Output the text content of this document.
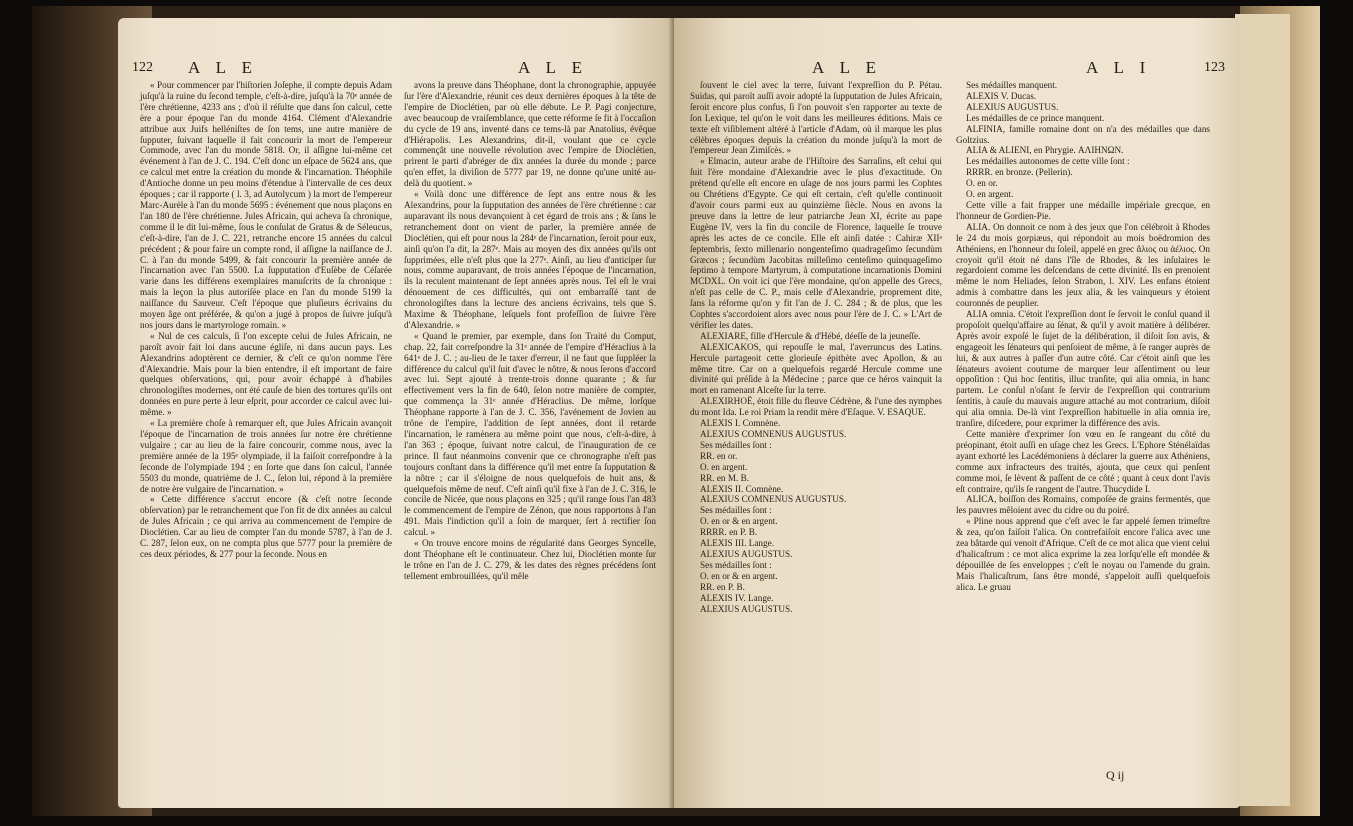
122 A L E	A L E

« Pour commencer par l'hiſtorien Joſephe, il compte depuis Adam juſqu'à la ruine du ſecond temple, c'eſt-à-dire, juſqu'à la 70ᵉ année de l'ère chrétienne, 4233 ans ; d'où il réſulte que dans ſon calcul, cette ère a pour époque l'an du monde 4164. Clément d'Alexandrie attribue aux Juifs helléniſtes de ſon tems, une autre manière de ſupputer, ſuivant laquelle il fait concourir la mort de l'empereur Commode, avec l'an du monde 5818. Or, il aſſigne lui-même cet événement à l'an de J. C. 194. C'eſt donc un eſpace de 5624 ans, que ce calcul met entre la création du monde & l'incarnation. Théophile d'Antioche donne un peu moins d'étendue à l'intervalle de ces deux époques ; car il rapporte ( l. 3, ad Autolycum ) la mort de l'empereur Marc-Aurèle à l'an du monde 5695 : événement que nous plaçons en l'an 180 de l'ère chrétienne. Jules Africain, qui acheva ſa chronique, comme il le dit lui-même, ſous le conſulat de Gratus & de Séleucus, c'eſt-à-dire, l'an de J. C. 221, retranche encore 15 années du calcul précédent ; & pour faire un compte rond, il aſſigne la naiſſance de J. C. à l'an du monde 5499, & fait concourir la première année de l'incarnation avec l'an 5500. La ſupputation d'Euſèbe de Céſarée varie dans les différens exemplaires manuſcrits de ſa chronique : mais la leçon la plus autoriſée place en l'an du monde 5199 la naiſſance du Sauveur. C'eſt l'époque que pluſieurs écrivains du moyen âge ont préférée, & qu'on a jugé à propos de ſuivre juſqu'à nos jours dans le martyrologe romain. »

« Nul de ces calculs, ſi l'on excepte celui de Jules Africain, ne paroît avoir fait loi dans aucune égliſe, ni dans aucun pays. Les Alexandrins adoptèrent ce dernier, & c'eſt ce qu'on nomme l'ère d'Alexandrie. Mais pour la bien entendre, il eſt important de faire quelques obſervations, qui, pour avoir échappé à d'habiles chronologiſtes modernes, ont été cauſe de bien des tortures qu'ils ont données en pure perte à leur eſprit, pour accorder ce calcul avec lui-même. »

« La première choſe à remarquer eſt, que Jules Africain avançoit l'époque de l'incarnation de trois années ſur notre ère chrétienne vulgaire ; car au lieu de la faire concourir, comme nous, avec la première année de la 195ᵉ olympiade, il la faiſoit correſpondre à la ſeconde de l'olympiade 194 ; en ſorte que dans ſon calcul, l'année 5503 du monde, quatrième de J. C., ſelon lui, répond à la première de notre ère vulgaire de l'incarnation. »

« Cette différence s'accrut encore (& c'eſt notre ſeconde obſervation) par le retranchement que l'on fit de dix années au calcul de Jules Africain ; ce qui arriva au commencement de l'empire de Dioclétien. Car au lieu de compter l'an du monde 5787, à l'an de J. C. 287, ſelon eux, on ne compta plus que 5777 pour la première de ces deux périodes, & 277 pour la ſeconde. Nous en

avons la preuve dans Théophane, dont la chronographie, appuyée ſur l'ère d'Alexandrie, réunit ces deux dernières époques à la tête de l'empire de Dioclétien, par où elle débute. Le P. Pagi conjecture, avec beaucoup de vraiſemblance, que cette réforme ſe fit à l'occaſion du cycle de 19 ans, inventé dans ce tems-là par Anatolius, évêque d'Hiérapolis. Les Alexandrins, dit-il, voulant que ce cycle commençât une nouvelle révolution avec l'empire de Dioclétien, prirent le parti d'abréger de dix années la durée du monde ; parce qu'en effet, la diviſion de 5777 par 19, ne donne qu'une unité au-delà du quotient. »

« Voilà donc une différence de ſept ans entre nous & les Alexandrins, pour la ſupputation des années de l'ère chrétienne : car auparavant ils nous devançoient à cet égard de trois ans ; & ſans le retranchement dont on vient de parler, la première année de Dioclétien, qui eſt pour nous la 284ᵉ de l'incarnation, ſeroit pour eux, ainſi qu'on l'a dit, la 287ᵉ. Mais au moyen des dix années qu'ils ont ſupprimées, elle n'eſt plus que la 277ᵉ. Ainſi, au lieu d'anticiper ſur nous, comme auparavant, de trois années l'époque de l'incarnation, ils la reculent maintenant de ſept années après nous. Tel eſt le vrai dénouement de ces difficultés, qui ont embarraſſé tant de chronologiſtes dans la lecture des anciens écrivains, tels que S. Maxime & Théophane, leſquels font profeſſion de ſuivre l'ère d'Alexandrie. »

« Quand le premier, par exemple, dans ſon Traité du Comput, chap. 22, fait correſpondre la 31ᵉ année de l'empire d'Héraclius à la 641ᵉ de J. C. ; au-lieu de le taxer d'erreur, il ne faut que ſuppléer la différence du calcul qu'il ſuit d'avec le nôtre, & nous ſerons d'accord avec lui. Sept ajouté à trente-trois donne quarante ; & ſur effectivement vers la fin de 640, ſelon notre manière de compter, que commença la 31ᵉ année d'Héraclius. De même, lorſque Théophane rapporte à l'an de J. C. 356, l'avénement de Jovien au trône de l'empire, l'addition de ſept années, dont il retarde l'incarnation, le ramènera au même point que nous, c'eſt-à-dire, à l'an 363 ; époque, ſuivant notre calcul, de l'inauguration de ce prince. Il faut néanmoins convenir que ce chronographe n'eſt pas toujours conſtant dans la différence qu'il met entre ſa ſupputation & la nôtre ; car il s'éloigne de nous quelquefois de huit ans, & quelquefois même de neuf. C'eſt ainſi qu'il fixe à l'an de J. C. 316, le concile de Nicée, que nous plaçons en 325 ; qu'il range ſous l'an 483 le commencement de l'empire de Zénon, que nous rapportons à l'an 491. Mais l'indiction qu'il a ſoin de marquer, ſert à rectifier ſon calcul. »

« On trouve encore moins de régularité dans Georges Syncelle, dont Théophane eſt le continuateur. Chez lui, Dioclétien monte ſur le trône en l'an de J. C. 279, & les dates des règnes précédens ſont tellement embrouillées, qu'il mêle

A L E	A L I	123

ſouvent le ciel avec la terre, ſuivant l'expreſſion du P. Pétau. Suidas, qui paroît auſſi avoir adopté la ſupputation de Jules Africain, ſeroit encore plus confus, ſi l'on pouvoit s'en rapporter au texte de ſon Lexique, tel qu'on le voit dans les meilleures éditions. Mais ce texte eſt viſiblement altéré à l'article d'Adam, où il marque les plus célèbres époques depuis la création du monde juſqu'à la mort de l'empereur Jean Zimiſcès. »

« Elmacin, auteur arabe de l'Hiſtoire des Sarraſins, eſt celui qui ſuit l'ère mondaine d'Alexandrie avec le plus d'exactitude. On prétend qu'elle eſt encore en uſage de nos jours parmi les Cophtes ou Chrétiens d'Egypte. Ce qui eſt certain, c'eſt qu'elle continuoit d'avoir cours parmi eux au quinzième ſiècle. Nous en avons la preuve dans la lettre de leur patriarche Jean XI, écrite au pape Eugène IV, vers la fin du concile de Florence, laquelle ſe trouve après les actes de ce concile. Elle eſt ainſi datée : Cahiræ XIIᵃ ſeptembris, ſexto millenario nongenteſimo quadrageſimo ſecundùm Græcos ; ſecundùm Jacobitas milleſimo centeſimo quinquageſimo ſeptimo à tempore Martyrum, à computatione incarnationis Domini MCDXL. On voit ici que l'ère mondaine, qu'on appelle des Grecs, n'eſt pas celle de C. P., mais celle d'Alexandrie, proprement dite, ſans la réforme qu'on y fit l'an de J. C. 284 ; & de plus, que les Cophtes s'accordoient alors avec nous pour l'ère de J. C. » L'Art de vérifier les dates.

ALEXIARE, fille d'Hercule & d'Hébé, déeſſe de la jeuneſſe.

ALEXICAKOS, qui repouſſe le mal, l'averruncus des Latins. Hercule partageoit cette glorieuſe épithète avec Apollon, & au même titre. Car on a quelquefois regardé Hercule comme une divinité qui préſide à la Médecine ; parce que ce héros vainquit la mort en ramenant Alceſte ſur la terre.

ALEXIRHOË, étoit fille du fleuve Cédrène, & l'une des nymphes du mont Ida. Le roi Priam la rendit mère d'Eſaque. V. ESAQUE.

ALEXIS I. Comnène.

ALEXIUS COMNENUS AUGUSTUS.

Ses médailles ſont :

RR. en or.

O. en argent.

RR. en M. B.

ALEXIS II. Comnène.

ALEXIUS COMNENUS AUGUSTUS.

Ses médailles ſont :

O. en or & en argent.

RRRR. en P. B.

ALEXIS III. Lange.

ALEXIUS AUGUSTUS.

Ses médailles ſont :

O. en or & en argent.

RR. en P. B.

ALEXIS IV. Lange.

ALEXIUS AUGUSTUS.

Ses médailles manquent.

ALEXIS V. Ducas.

ALEXIUS AUGUSTUS.

Les médailles de ce prince manquent.

ALFINIA, famille romaine dont on n'a des médailles que dans Goltzius.

ALIA & ALIENI, en Phrygie. ΑΛΙΗΝΩΝ.

Les médailles autonomes de cette ville ſont :

RRRR. en bronze. (Pellerin).

O. en or.

O. en argent.

Cette ville a fait frapper une médaille impériale grecque, en l'honneur de Gordien-Pie.

ALIA. On donnoit ce nom à des jeux que l'on célébroit à Rhodes le 24 du mois gorpiæus, qui répondoit au mois boëdromion des Athéniens, en l'honneur du ſoleil, appelé en grec ἅλιος ou ἀέλιος. On croyoit qu'il étoit né dans l'île de Rhodes, & les inſulaires le regardoient comme les deſcendans de cette divinité. Ils en prenoient même le nom Heliades, ſelon Strabon, l. XIV. Les enfans étoient admis à combattre dans les jeux alia, & les vainqueurs y étoient couronnés de peuplier.

ALIA omnia. C'étoit l'expreſſion dont ſe ſervoit le conſul quand il propoſoit quelqu'affaire au ſénat, & qu'il y avoit matière à délibérer. Après avoir expoſé le ſujet de la délibération, il diſoit ſon avis, & engageoit les ſénateurs qui penſoient de même, à ſe ranger auprès de lui, & aux autres à paſſer d'un autre côté. Car c'étoit ainſi que les ſénateurs avoient coutume de marquer leur aſſentiment ou leur oppoſition : Qui hoc ſentitis, illuc tranſite, qui alia omnia, in hanc partem. Le conſul n'oſant ſe ſervir de l'expreſſion qui contrarium ſentitis, à cauſe du mauvais augure attaché au mot contrarium, diſoit qui alia omnia. De-là vint l'expreſſion habituelle in alia omnia ire, tranſire, diſcedere, pour exprimer la différence des avis.

Cette manière d'exprimer ſon vœu en ſe rangeant du côté du préopinant, étoit auſſi en uſage chez les Grecs. L'Ephore Sténélaïdas ayant exhorté les Lacédémoniens à déclarer la guerre aux Athéniens, comme aux infracteurs des traités, ajouta, que ceux qui penſent comme moi, ſe lèvent & paſſent de ce côté ; quant à ceux dont l'avis eſt contraire, qu'ils ſe rangent de l'autre. Thucydide I.

ALICA, boiſſon des Romains, compoſée de grains fermentés, que les pauvres mêloient avec du cidre ou du poiré.

« Pline nous apprend que c'eſt avec le far appelé ſemen trimeſtre & zea, qu'on faiſoit l'alica. On contrefaiſoit encore l'alica avec une zea bâtarde qui venoit d'Afrique. C'eſt de ce mot alica que vient celui d'halicaſtrum : ce mot alica exprime la zea lorſqu'elle eſt mondée & dépouillée de ſes enveloppes ; c'eſt le noyau ou l'amende du grain. Mais l'halicaſtrum, ſans être mondé, s'appeloit auſſi quelquefois alica. Le gruau

Q ij
